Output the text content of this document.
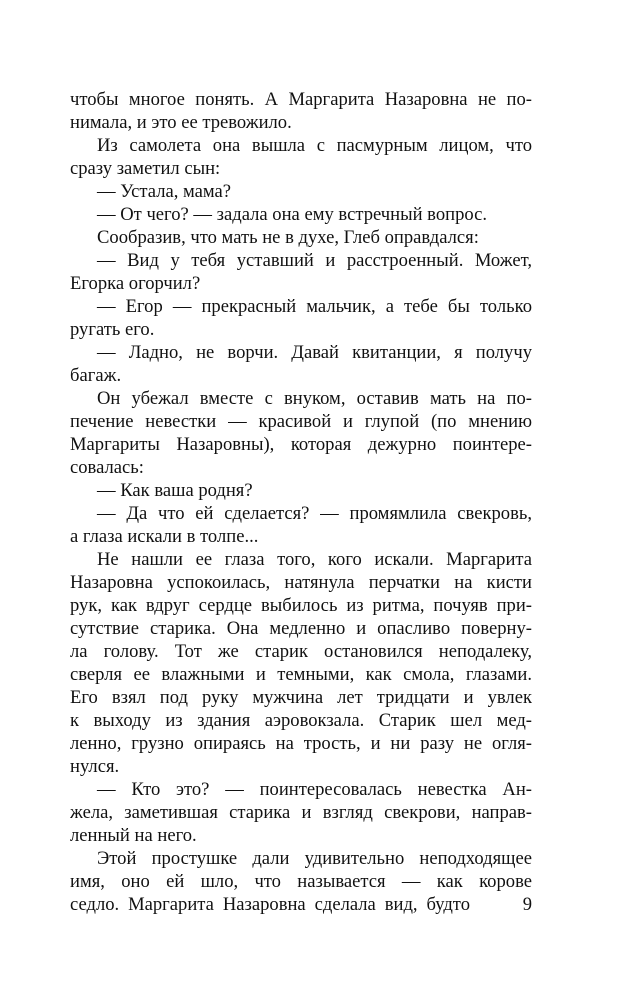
чтобы многое понять. А Маргарита Назаровна не по-
нимала, и это ее тревожило.
Из самолета она вышла с пасмурным лицом, что
сразу заметил сын:
— Устала, мама?
— От чего? — задала она ему встречный вопрос.
Сообразив, что мать не в духе, Глеб оправдался:
— Вид у тебя уставший и расстроенный. Может,
Егорка огорчил?
— Егор — прекрасный мальчик, а тебе бы только
ругать его.
— Ладно, не ворчи. Давай квитанции, я получу
багаж.
Он убежал вместе с внуком, оставив мать на по-
печение невестки — красивой и глупой (по мнению
Маргариты Назаровны), которая дежурно поинтере-
совалась:
— Как ваша родня?
— Да что ей сделается? — промямлила свекровь,
а глаза искали в толпе...
Не нашли ее глаза того, кого искали. Маргарита
Назаровна успокоилась, натянула перчатки на кисти
рук, как вдруг сердце выбилось из ритма, почуяв при-
сутствие старика. Она медленно и опасливо поверну-
ла голову. Тот же старик остановился неподалеку,
сверля ее влажными и темными, как смола, глазами.
Его взял под руку мужчина лет тридцати и увлек
к выходу из здания аэровокзала. Старик шел мед-
ленно, грузно опираясь на трость, и ни разу не огля-
нулся.
— Кто это? — поинтересовалась невестка Ан-
жела, заметившая старика и взгляд свекрови, направ-
ленный на него.
Этой простушке дали удивительно неподходящее
имя, оно ей шло, что называется — как корове
седло. Маргарита Назаровна сделала вид, будто	9
